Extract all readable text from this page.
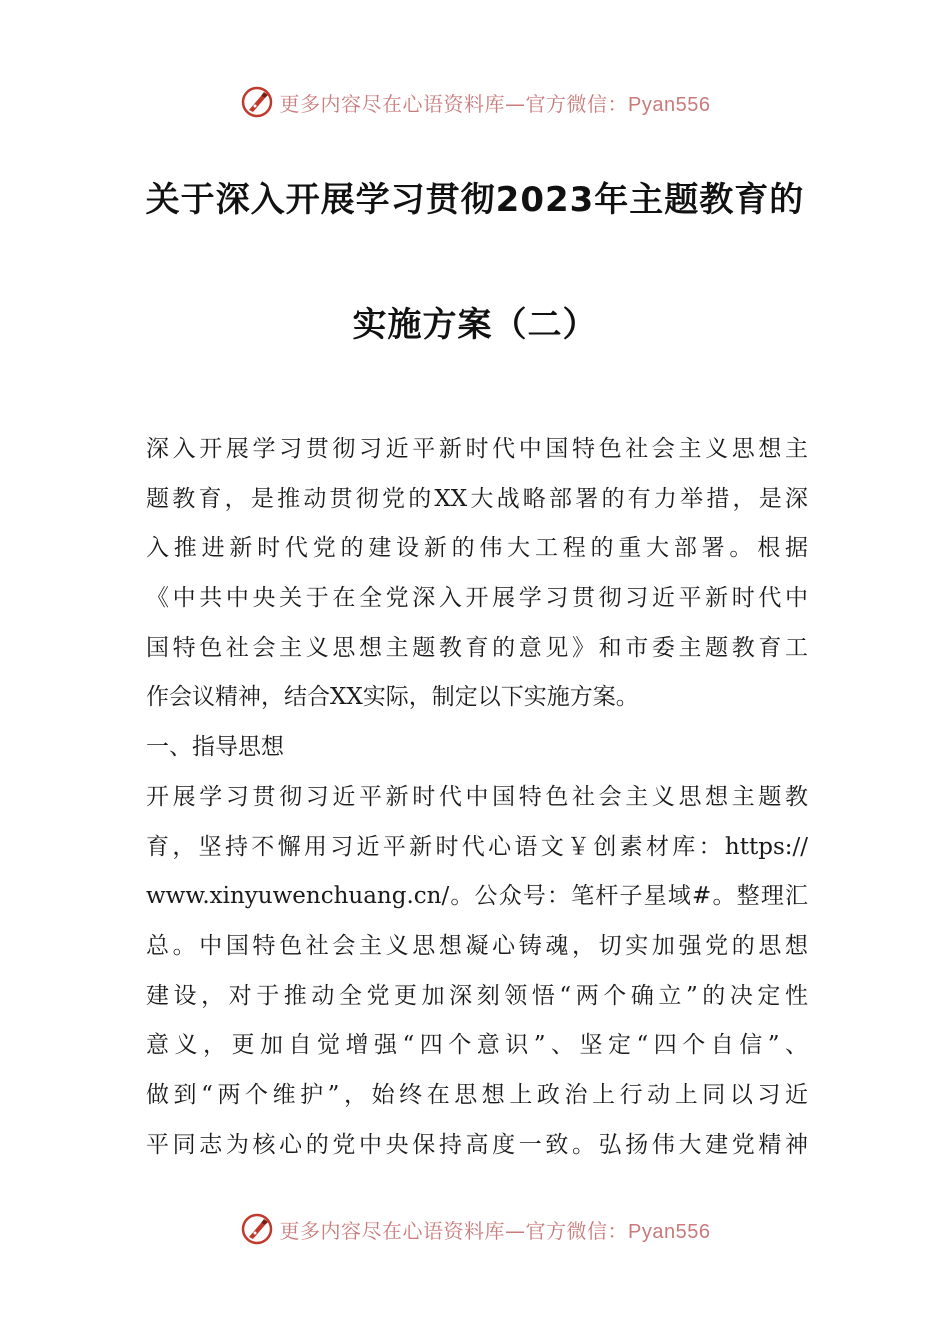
更多内容尽在心语资料库—官方微信：Pyan556
关于深入开展学习贯彻2023年主题教育的
实施方案（二）
深入开展学习贯彻习近平新时代中国特色社会主义思想主
题教育，是推动贯彻党的XX大战略部署的有力举措，是深
入推进新时代党的建设新的伟大工程的重大部署。根据
《中共中央关于在全党深入开展学习贯彻习近平新时代中
国特色社会主义思想主题教育的意见》和市委主题教育工
作会议精神，结合XX实际，制定以下实施方案。
一、指导思想
开展学习贯彻习近平新时代中国特色社会主义思想主题教
育，坚持不懈用习近平新时代心语文￥创素材库：https://
www.xinyuwenchuang.cn/。公众号：笔杆子星域#。整理汇
总。中国特色社会主义思想凝心铸魂，切实加强党的思想
建设，对于推动全党更加深刻领悟“两个确立”的决定性
意义，更加自觉增强“四个意识”、坚定“四个自信”、
做到“两个维护”，始终在思想上政治上行动上同以习近
平同志为核心的党中央保持高度一致。弘扬伟大建党精神
更多内容尽在心语资料库—官方微信：Pyan556
